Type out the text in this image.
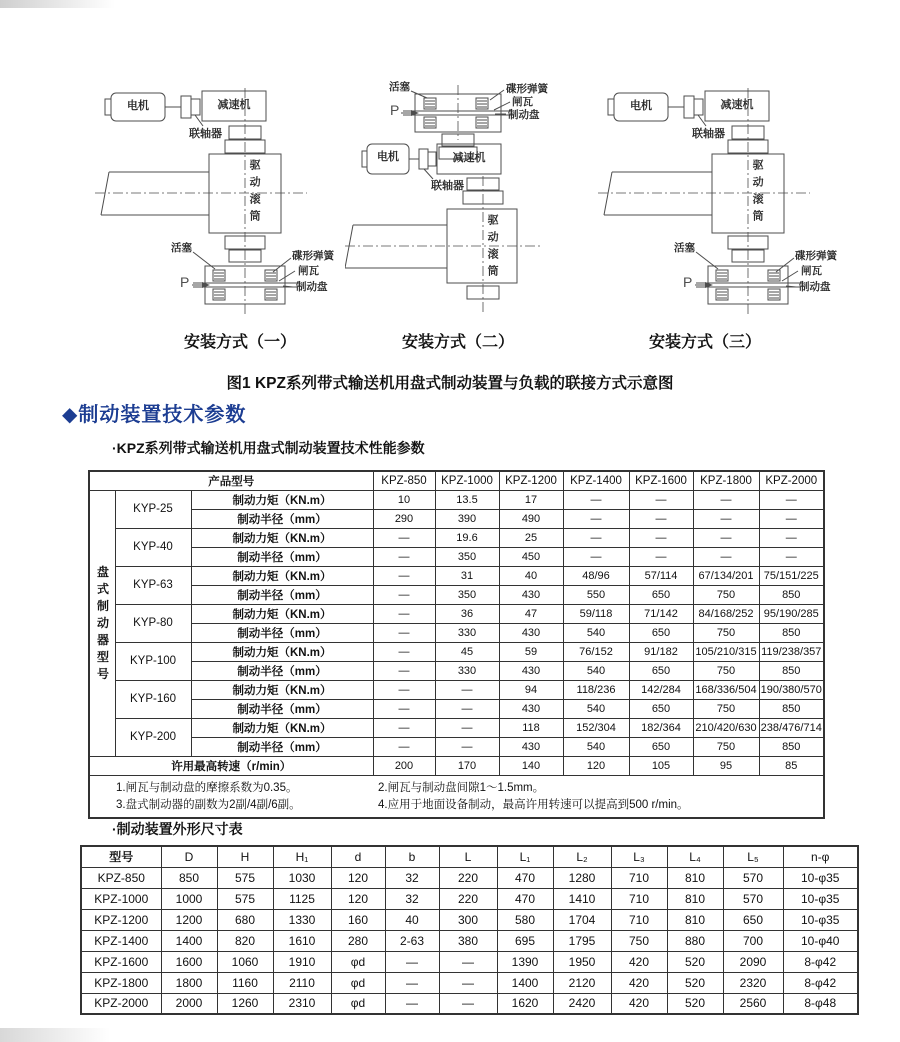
电机	减速机
联轴器
驱动滚筒
活塞
碟形弹簧
闸瓦
制动盘
P
活塞	碟形弹簧
闸瓦
制动盘
P
电机	减速机
联轴器
驱动滚筒
电机	减速机
联轴器
驱动滚筒
活塞
碟形弹簧
闸瓦
制动盘
P
安装方式（一）	安装方式（二）	安装方式（三）
图1 KPZ系列带式输送机用盘式制动装置与负载的联接方式示意图
◆制动装置技术参数
·KPZ系列带式输送机用盘式制动装置技术性能参数
产品型号			KPZ-850	KPZ-1000	KPZ-1200	KPZ-1400	KPZ-1600	KPZ-1800	KPZ-2000
盘式制动器型号	KYP-25	制动力矩（KN.m）	10	13.5	17	—	—	—	—
		制动半径（mm）	290	390	490	—	—	—	—
	KYP-40	制动力矩（KN.m）	—	19.6	25	—	—	—	—
		制动半径（mm）	—	350	450	—	—	—	—
	KYP-63	制动力矩（KN.m）	—	31	40	48/96	57/114	67/134/201	75/151/225
		制动半径（mm）	—	350	430	550	650	750	850
	KYP-80	制动力矩（KN.m）	—	36	47	59/118	71/142	84/168/252	95/190/285
		制动半径（mm）	—	330	430	540	650	750	850
	KYP-100	制动力矩（KN.m）	—	45	59	76/152	91/182	105/210/315	119/238/357
		制动半径（mm）	—	330	430	540	650	750	850
	KYP-160	制动力矩（KN.m）	—	—	94	118/236	142/284	168/336/504	190/380/570
		制动半径（mm）	—	—	430	540	650	750	850
	KYP-200	制动力矩（KN.m）	—	—	118	152/304	182/364	210/420/630	238/476/714
		制动半径（mm）	—	—	430	540	650	750	850
许用最高转速（r/min）			200	170	140	120	105	95	85

1.闸瓦与制动盘的摩擦系数为0.35。 2.闸瓦与制动盘间隙1～1.5mm。
3.盘式制动器的副数为2副/4副/6副。 4.应用于地面设备制动，最高许用转速可以提高到500 r/min。									
·制动装置外形尺寸表
型号	D	H	H₁	d	b	L	L₁	L₂	L₃	L₄	L₅	n-φ
KPZ-850	850	575	1030	120	32	220	470	1280	710	810	570	10-φ35
KPZ-1000	1000	575	1125	120	32	220	470	1410	710	810	570	10-φ35
KPZ-1200	1200	680	1330	160	40	300	580	1704	710	810	650	10-φ35
KPZ-1400	1400	820	1610	280	2-63	380	695	1795	750	880	700	10-φ40
KPZ-1600	1600	1060	1910	φd	—	—	1390	1950	420	520	2090	8-φ42
KPZ-1800	1800	1160	2110	φd	—	—	1400	2120	420	520	2320	8-φ42
KPZ-2000	2000	1260	2310	φd	—	—	1620	2420	420	520	2560	8-φ48
